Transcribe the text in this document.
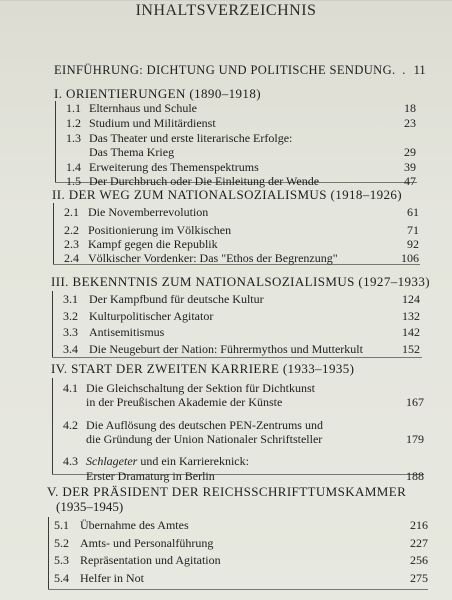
INHALTSVERZEICHNIS
EINFÜHRUNG: DICHTUNG UND POLITISCHE SENDUNG . . 11
I. ORIENTIERUNGEN (1890–1918)
1.1 Elternhaus und Schule	18
1.2 Studium und Militärdienst	23
1.3 Das Theater und erste literarische Erfolge:
Das Thema Krieg	29
1.4 Erweiterung des Themenspektrums	39
1.5 Der Durchbruch oder Die Einleitung der Wende	47
II. DER WEG ZUM NATIONALSOZIALISMUS (1918–1926)
2.1 Die Novemberrevolution	61
2.2 Positionierung im Völkischen	71
2.3 Kampf gegen die Republik	92
2.4 Völkischer Vordenker: Das "Ethos der Begrenzung"	106
III. BEKENNTNIS ZUM NATIONALSOZIALISMUS (1927–1933)
3.1 Der Kampfbund für deutsche Kultur	124
3.2 Kulturpolitischer Agitator	132
3.3 Antisemitismus	142
3.4 Die Neugeburt der Nation: Führermythos und Mutterkult	152
IV. START DER ZWEITEN KARRIERE (1933–1935)
4.1 Die Gleichschaltung der Sektion für Dichtkunst
in der Preußischen Akademie der Künste	167
4.2 Die Auflösung des deutschen PEN-Zentrums und
die Gründung der Union Nationaler Schriftsteller	179
4.3 Schlageter und ein Karriereknick:
Erster Dramaturg in Berlin	188
V. DER PRÄSIDENT DER REICHSSCHRIFTTUMSKAMMER
(1935–1945)
5.1 Übernahme des Amtes	216
5.2 Amts- und Personalführung	227
5.3 Repräsentation und Agitation	256
5.4 Helfer in Not	275
